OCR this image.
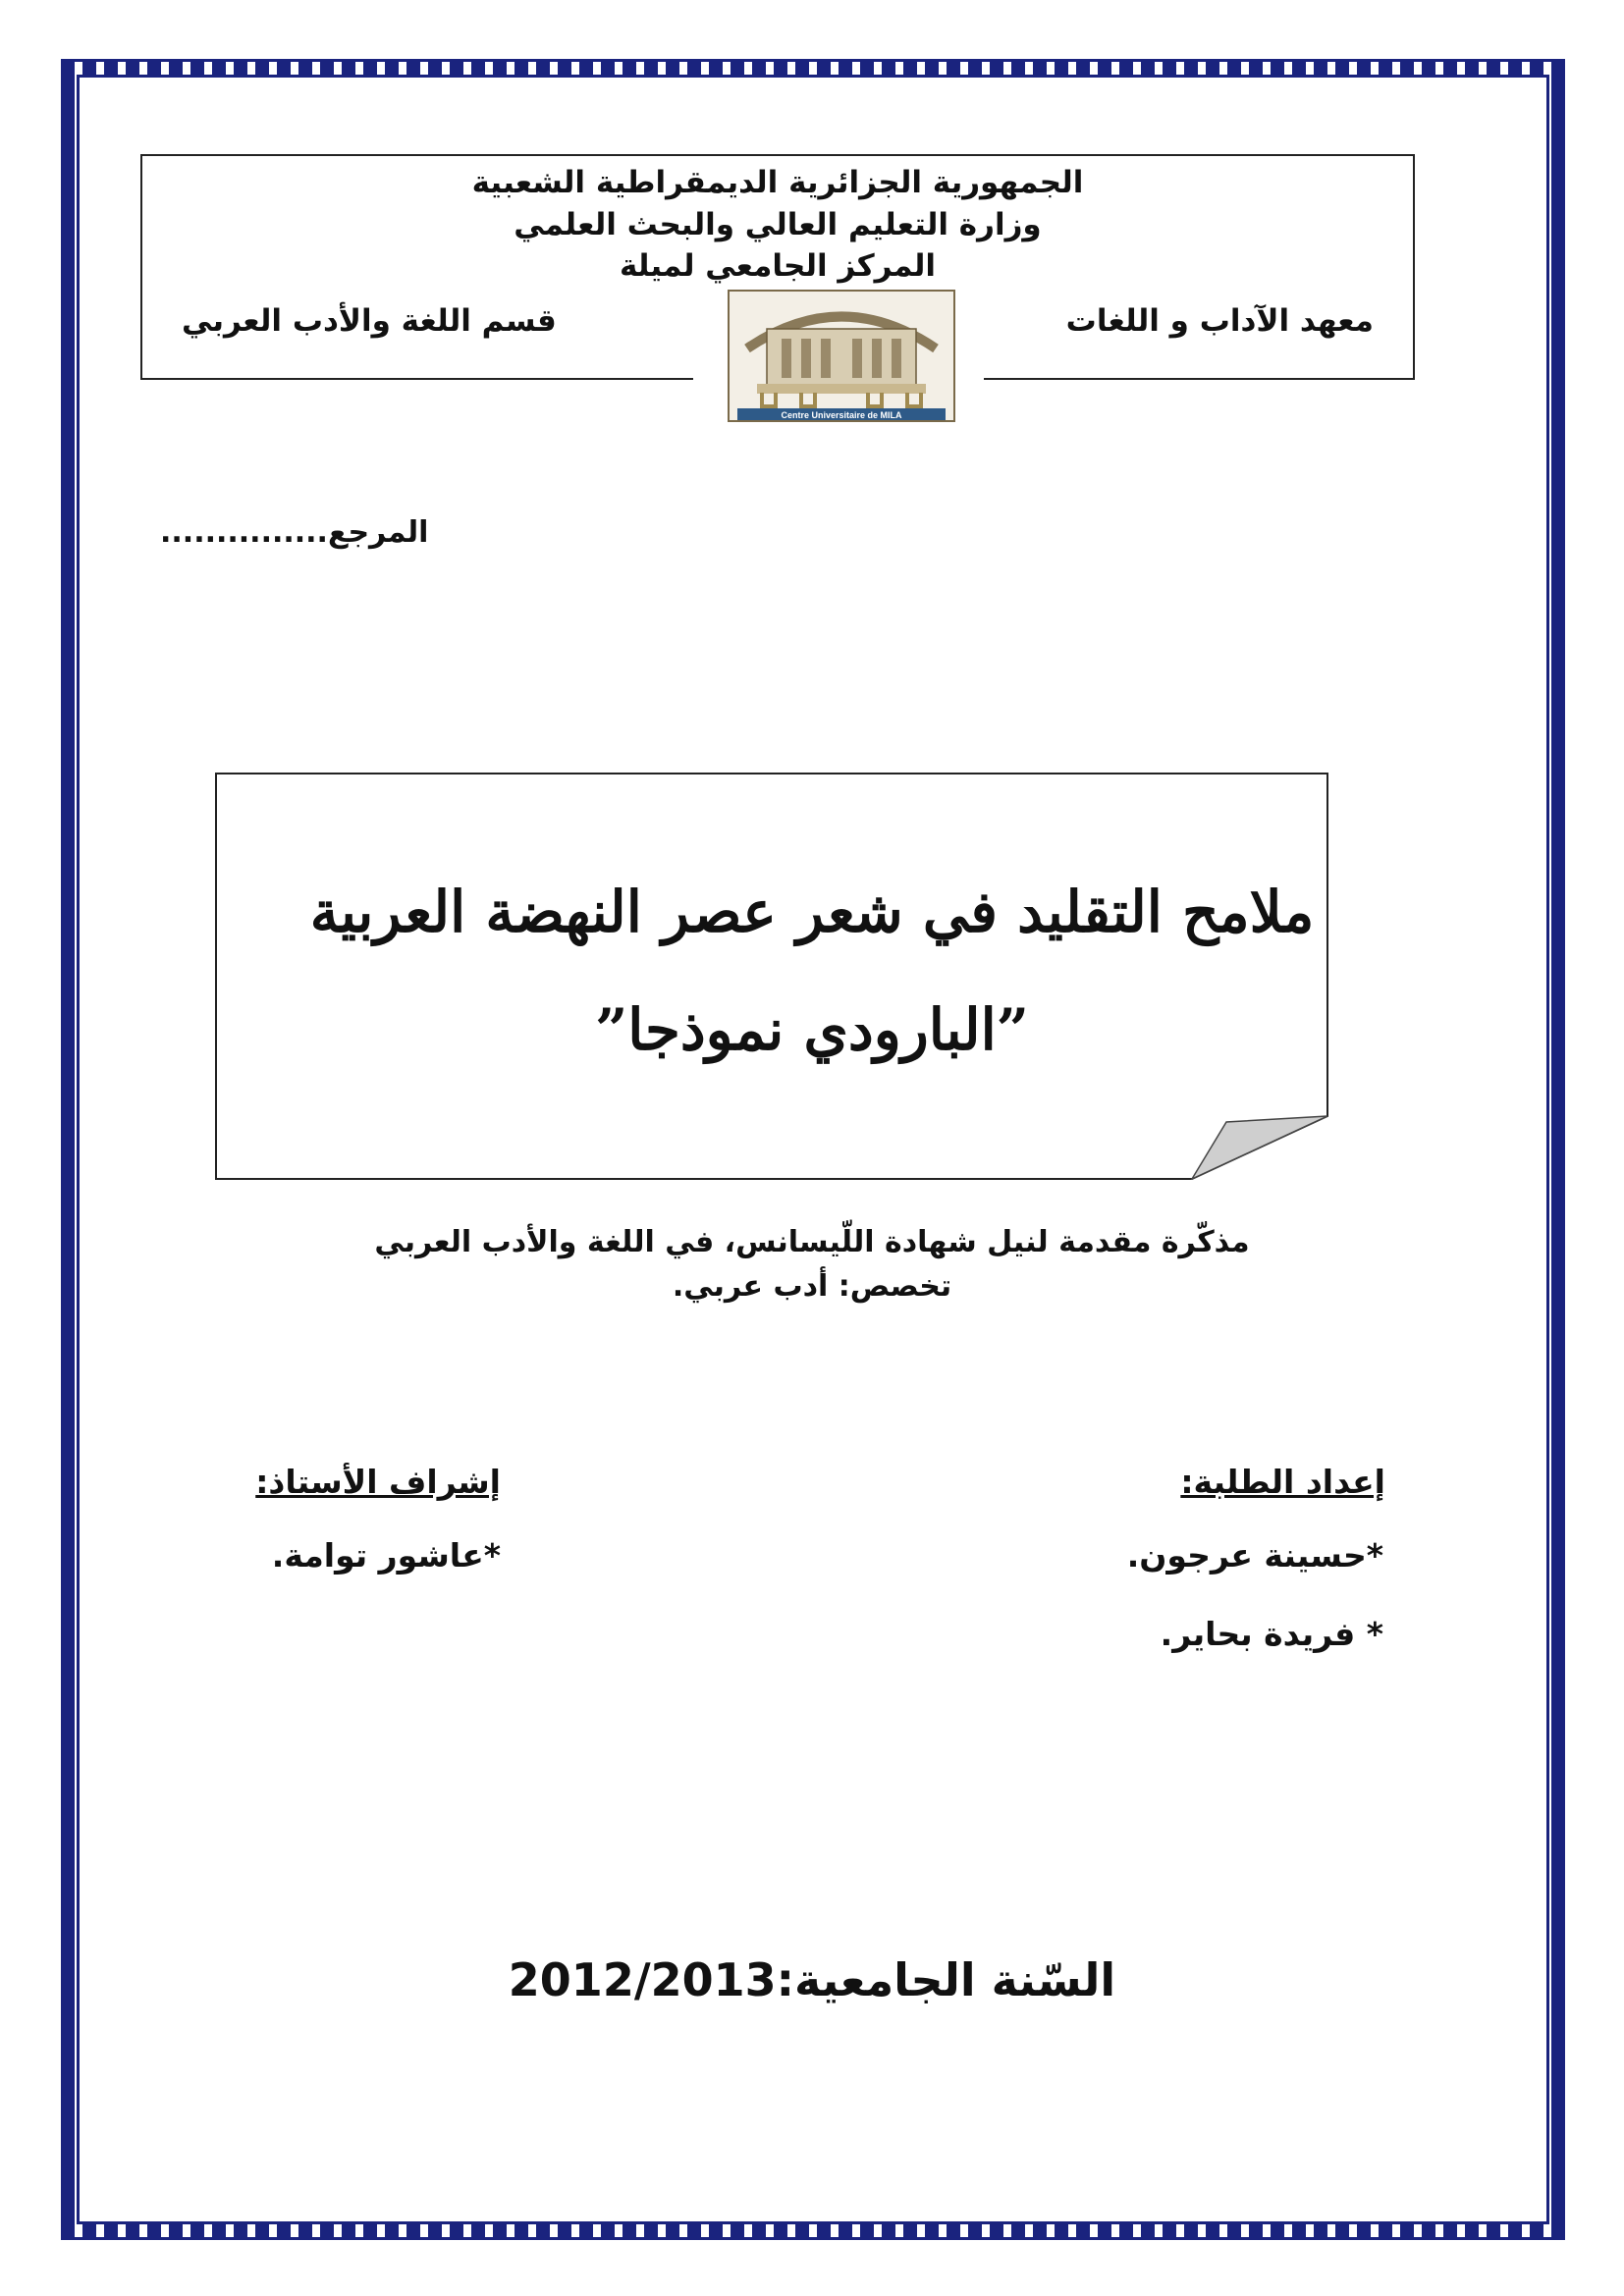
الجمهورية الجزائرية الديمقراطية الشعبية
وزارة التعليم العالي والبحث العلمي
المركز الجامعي لميلة
معهد الآداب و اللغات
قسم اللغة والأدب العربي
Centre Universitaire de MILA
المرجع...............
ملامح التقليد في شعر عصر النهضة العربية
”البارودي نموذجا”
مذكّرة مقدمة لنيل شهادة اللّيسانس، في اللغة والأدب العربي
تخصص: أدب عربي.
إعداد الطلبة:
*حسينة عرجون.
* فريدة بحاير.
إشراف الأستاذ:
*عاشور توامة.
السّنة الجامعية:2012/2013
